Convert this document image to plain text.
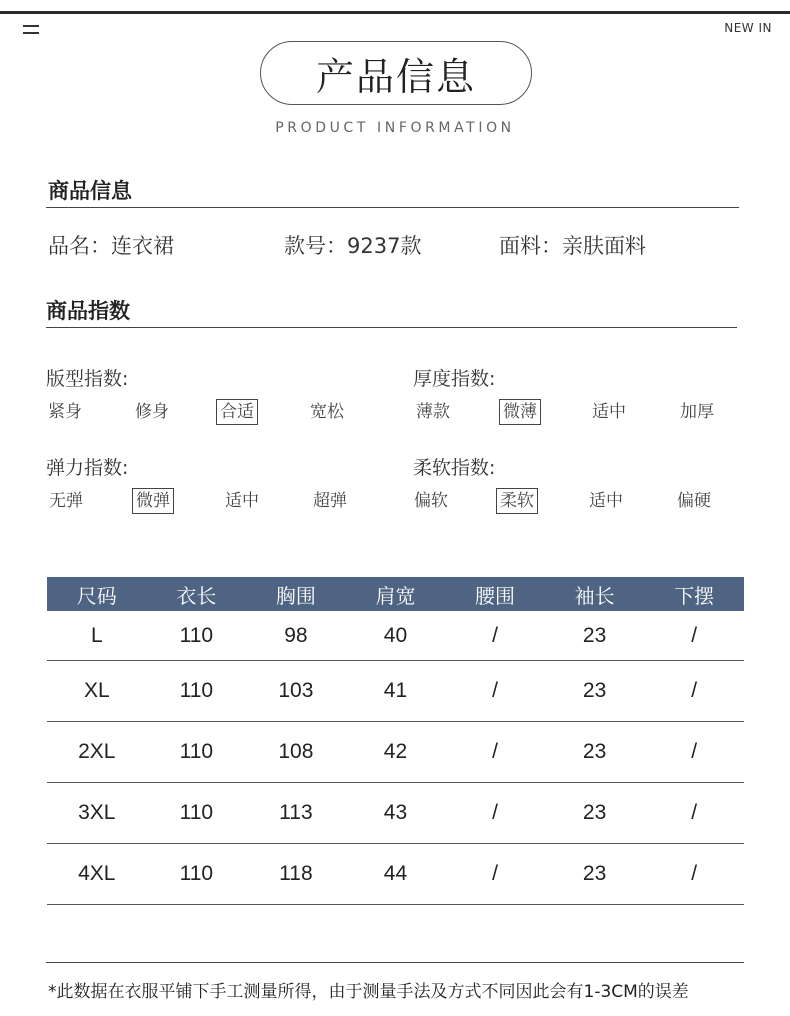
NEW IN
产品信息
PRODUCT INFORMATION
商品信息
品名：连衣裙	款号：9237款	面料：亲肤面料
商品指数
版型指数:
紧身	修身	合适	宽松
厚度指数:
薄款	微薄	适中	加厚
弹力指数:
无弹	微弹	适中	超弹
柔软指数:
偏软	柔软	适中	偏硬
尺码	衣长	胸围	肩宽	腰围	袖长	下摆
L	110	98	40	/	23	/
XL	110	103	41	/	23	/
2XL	110	108	42	/	23	/
3XL	110	113	43	/	23	/
4XL	110	118	44	/	23	/
*此数据在衣服平铺下手工测量所得，由于测量手法及方式不同因此会有1-3CM的误差
